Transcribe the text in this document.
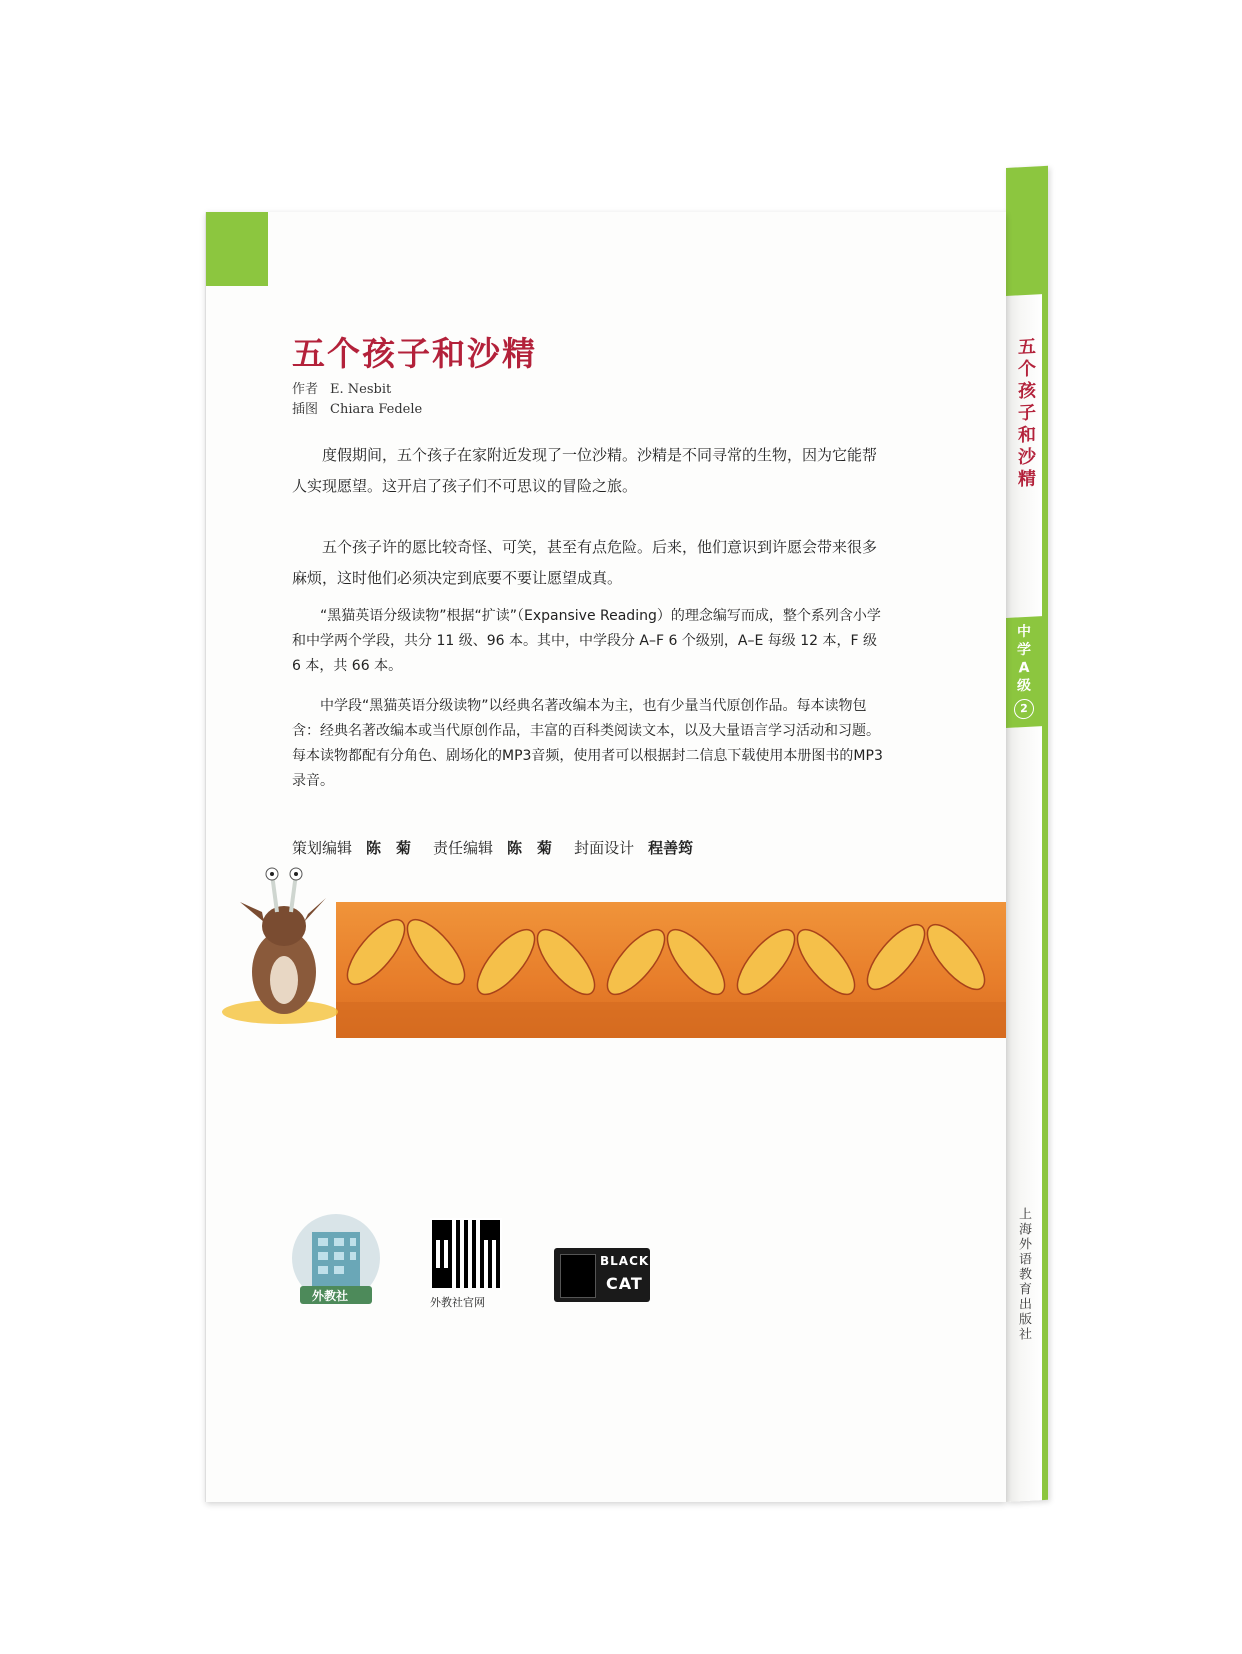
五个孩子和沙精
中
学
A
级
2
上海外语教育出版社
五个孩子和沙精
作者 E. Nesbit
插图 Chiara Fedele

度假期间，五个孩子在家附近发现了一位沙精。沙精是不同寻常的生物，因为它能帮人实现愿望。这开启了孩子们不可思议的冒险之旅。

五个孩子许的愿比较奇怪、可笑，甚至有点危险。后来，他们意识到许愿会带来很多麻烦，这时他们必须决定到底要不要让愿望成真。

“黑猫英语分级读物”根据“扩读”（Expansive Reading）的理念编写而成，整个系列含小学和中学两个学段，共分 11 级、96 本。其中，中学段分 A–F 6 个级别，A–E 每级 12 本，F 级 6 本，共 66 本。

中学段“黑猫英语分级读物”以经典名著改编本为主，也有少量当代原创作品。每本读物包含：经典名著改编本或当代原创作品，丰富的百科类阅读文本，以及大量语言学习活动和习题。每本读物都配有分角色、剧场化的MP3音频，使用者可以根据封二信息下载使用本册图书的MP3录音。

策划编辑 陈　菊 责任编辑 陈　菊 封面设计 程善筠
外教社	外教社官网
BLACK
CAT
